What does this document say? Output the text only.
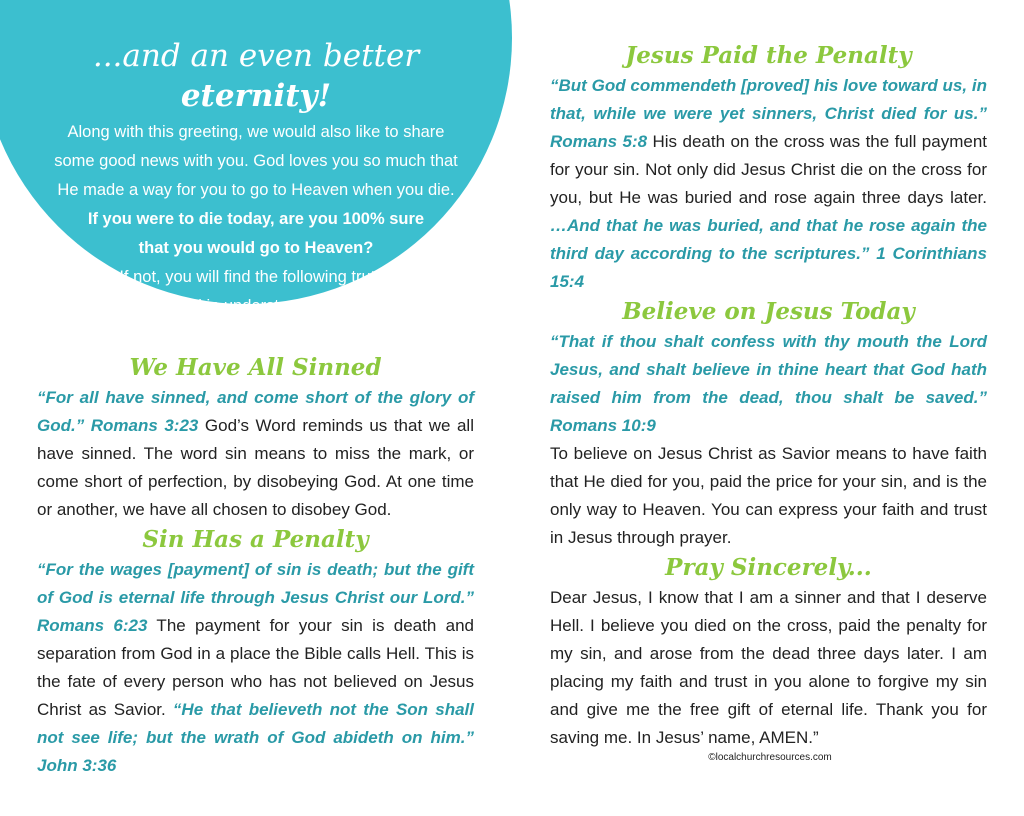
...and an even better eternity!

Along with this greeting, we would also like to share

some good news with you. God loves you so much that

He made a way for you to go to Heaven when you die.

If you were to die today, are you 100% sure

that you would go to Heaven?

If not, you will find the following truths

helpful in understanding this

important subject.

We Have All Sinned

“For all have sinned, and come short of the glory of God.” Romans 3:23 God’s Word reminds us that we all have sinned. The word sin means to miss the mark, or come short of perfection, by disobeying God. At one time or another, we have all chosen to disobey God.

Sin Has a Penalty

“For the wages [payment] of sin is death; but the gift of God is eternal life through Jesus Christ our Lord.” Romans 6:23 The payment for your sin is death and separation from God in a place the Bible calls Hell. This is the fate of every person who has not believed on Jesus Christ as Savior. “He that believeth not the Son shall not see life; but the wrath of God abideth on him.” John 3:36

Jesus Paid the Penalty

“But God commendeth [proved] his love toward us, in that, while we were yet sinners, Christ died for us.” Romans 5:8 His death on the cross was the full payment for your sin. Not only did Jesus Christ die on the cross for you, but He was buried and rose again three days later. …And that he was buried, and that he rose again the third day according to the scriptures.” 1 Corinthians 15:4

Believe on Jesus Today

“That if thou shalt confess with thy mouth the Lord Jesus, and shalt believe in thine heart that God hath raised him from the dead, thou shalt be saved.” Romans 10:9

To believe on Jesus Christ as Savior means to have faith that He died for you, paid the price for your sin, and is the only way to Heaven. You can express your faith and trust in Jesus through prayer.

Pray Sincerely...

Dear Jesus, I know that I am a sinner and that I deserve Hell. I believe you died on the cross, paid the penalty for my sin, and arose from the dead three days later. I am placing my faith and trust in you alone to forgive my sin and give me the free gift of eternal life. Thank you for saving me. In Jesus’ name, AMEN.”

©localchurchresources.com
